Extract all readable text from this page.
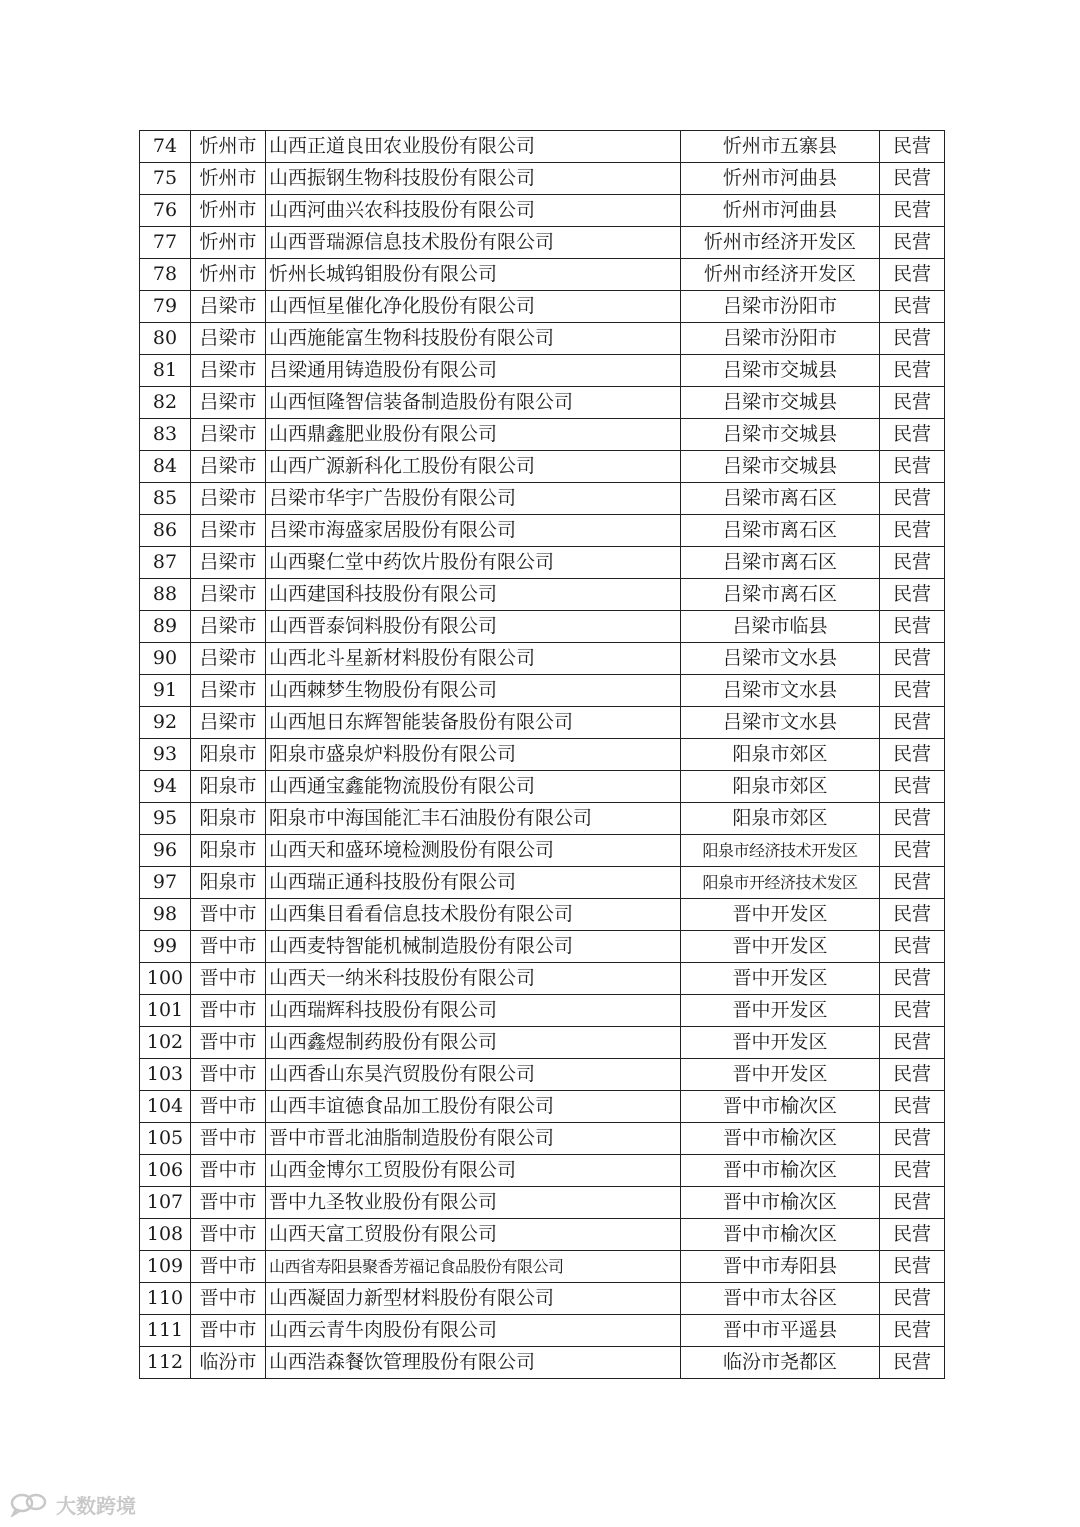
74	忻州市	山西正道良田农业股份有限公司	忻州市五寨县	民营
75	忻州市	山西振钢生物科技股份有限公司	忻州市河曲县	民营
76	忻州市	山西河曲兴农科技股份有限公司	忻州市河曲县	民营
77	忻州市	山西晋瑞源信息技术股份有限公司	忻州市经济开发区	民营
78	忻州市	忻州长城钨钼股份有限公司	忻州市经济开发区	民营
79	吕梁市	山西恒星催化净化股份有限公司	吕梁市汾阳市	民营
80	吕梁市	山西施能富生物科技股份有限公司	吕梁市汾阳市	民营
81	吕梁市	吕梁通用铸造股份有限公司	吕梁市交城县	民营
82	吕梁市	山西恒隆智信装备制造股份有限公司	吕梁市交城县	民营
83	吕梁市	山西鼎鑫肥业股份有限公司	吕梁市交城县	民营
84	吕梁市	山西广源新科化工股份有限公司	吕梁市交城县	民营
85	吕梁市	吕梁市华宇广告股份有限公司	吕梁市离石区	民营
86	吕梁市	吕梁市海盛家居股份有限公司	吕梁市离石区	民营
87	吕梁市	山西聚仁堂中药饮片股份有限公司	吕梁市离石区	民营
88	吕梁市	山西建国科技股份有限公司	吕梁市离石区	民营
89	吕梁市	山西晋泰饲料股份有限公司	吕梁市临县	民营
90	吕梁市	山西北斗星新材料股份有限公司	吕梁市文水县	民营
91	吕梁市	山西棘梦生物股份有限公司	吕梁市文水县	民营
92	吕梁市	山西旭日东辉智能装备股份有限公司	吕梁市文水县	民营
93	阳泉市	阳泉市盛泉炉料股份有限公司	阳泉市郊区	民营
94	阳泉市	山西通宝鑫能物流股份有限公司	阳泉市郊区	民营
95	阳泉市	阳泉市中海国能汇丰石油股份有限公司	阳泉市郊区	民营
96	阳泉市	山西天和盛环境检测股份有限公司	阳泉市经济技术开发区	民营
97	阳泉市	山西瑞正通科技股份有限公司	阳泉市开经济技术发区	民营
98	晋中市	山西集目看看信息技术股份有限公司	晋中开发区	民营
99	晋中市	山西麦特智能机械制造股份有限公司	晋中开发区	民营
100	晋中市	山西天一纳米科技股份有限公司	晋中开发区	民营
101	晋中市	山西瑞辉科技股份有限公司	晋中开发区	民营
102	晋中市	山西鑫煜制药股份有限公司	晋中开发区	民营
103	晋中市	山西香山东昊汽贸股份有限公司	晋中开发区	民营
104	晋中市	山西丰谊德食品加工股份有限公司	晋中市榆次区	民营
105	晋中市	晋中市晋北油脂制造股份有限公司	晋中市榆次区	民营
106	晋中市	山西金博尔工贸股份有限公司	晋中市榆次区	民营
107	晋中市	晋中九圣牧业股份有限公司	晋中市榆次区	民营
108	晋中市	山西天富工贸股份有限公司	晋中市榆次区	民营
109	晋中市	山西省寿阳县聚香芳福记食品股份有限公司	晋中市寿阳县	民营
110	晋中市	山西凝固力新型材料股份有限公司	晋中市太谷区	民营
111	晋中市	山西云青牛肉股份有限公司	晋中市平遥县	民营
112	临汾市	山西浩森餐饮管理股份有限公司	临汾市尧都区	民营
大数跨境
